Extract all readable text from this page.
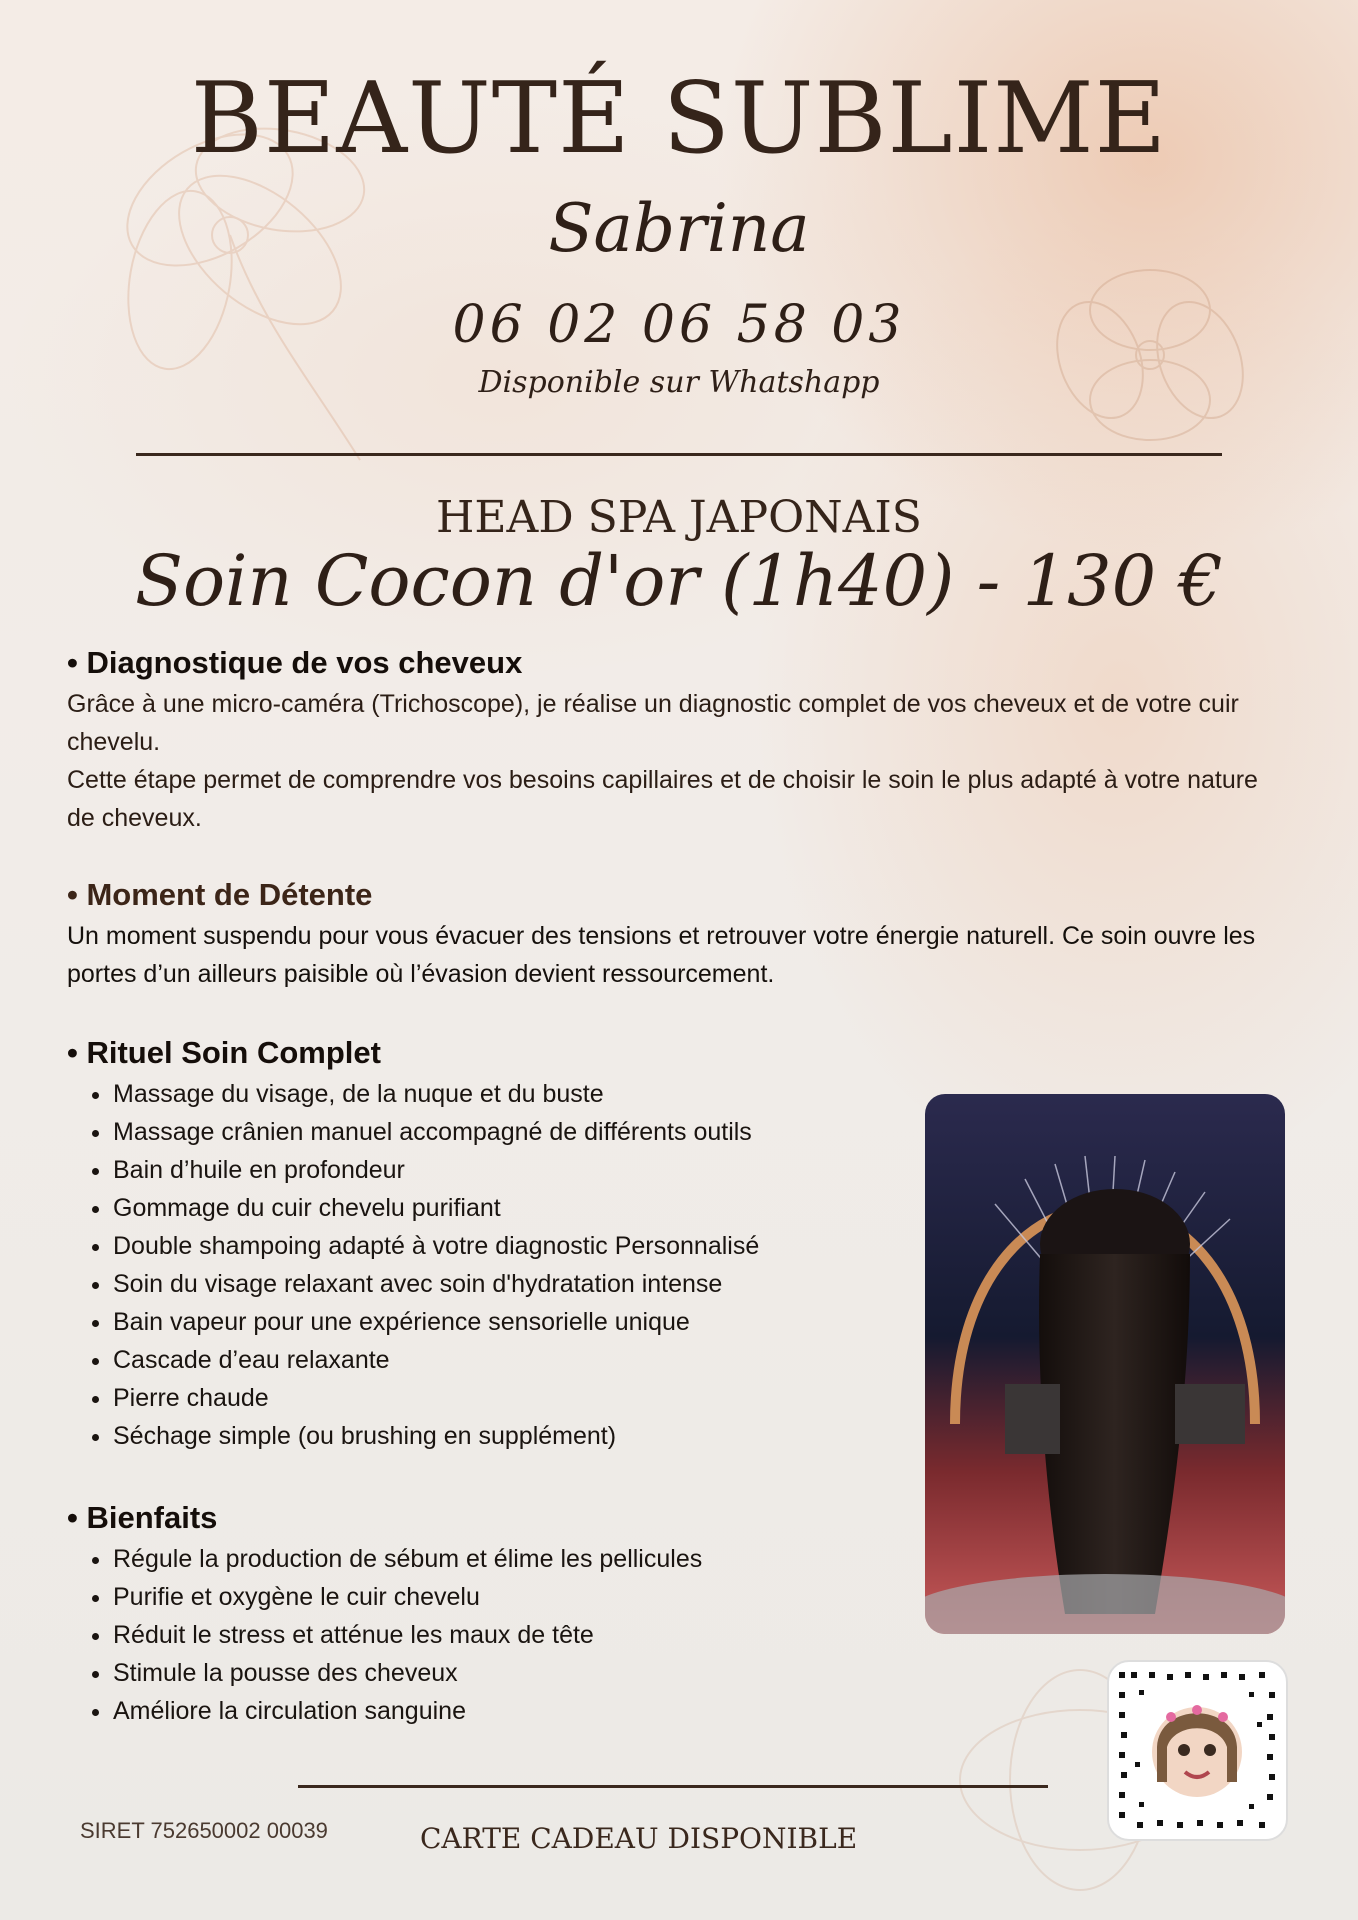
BEAUTÉ SUBLIME
Sabrina
06 02 06 58 03
Disponible sur Whatshapp
HEAD SPA JAPONAIS
Soin Cocon d'or (1h40) - 130 €

• Diagnostique de vos cheveux

Grâce à une micro-caméra (Trichoscope), je réalise un diagnostic complet de vos cheveux et de votre cuir chevelu.

Cette étape permet de comprendre vos besoins capillaires et de choisir le soin le plus adapté à votre nature de cheveux.

• Moment de Détente

Un moment suspendu pour vous évacuer des tensions et retrouver votre énergie naturell. Ce soin ouvre les portes d’un ailleurs paisible où l’évasion devient ressourcement.

• Rituel Soin Complet

• Massage du visage, de la nuque et du buste
• Massage crânien manuel accompagné de différents outils
• Bain d’huile en profondeur
• Gommage du cuir chevelu purifiant
• Double shampoing adapté à votre diagnostic Personnalisé
• Soin du visage relaxant avec soin d'hydratation intense
• Bain vapeur pour une expérience sensorielle unique
• Cascade d’eau relaxante
• Pierre chaude
• Séchage simple (ou brushing en supplément)

• Bienfaits

• Régule la production de sébum et élime les pellicules
• Purifie et oxygène le cuir chevelu
• Réduit le stress et atténue les maux de tête
• Stimule la pousse des cheveux
• Améliore la circulation sanguine
SIRET 752650002 00039	CARTE CADEAU DISPONIBLE
